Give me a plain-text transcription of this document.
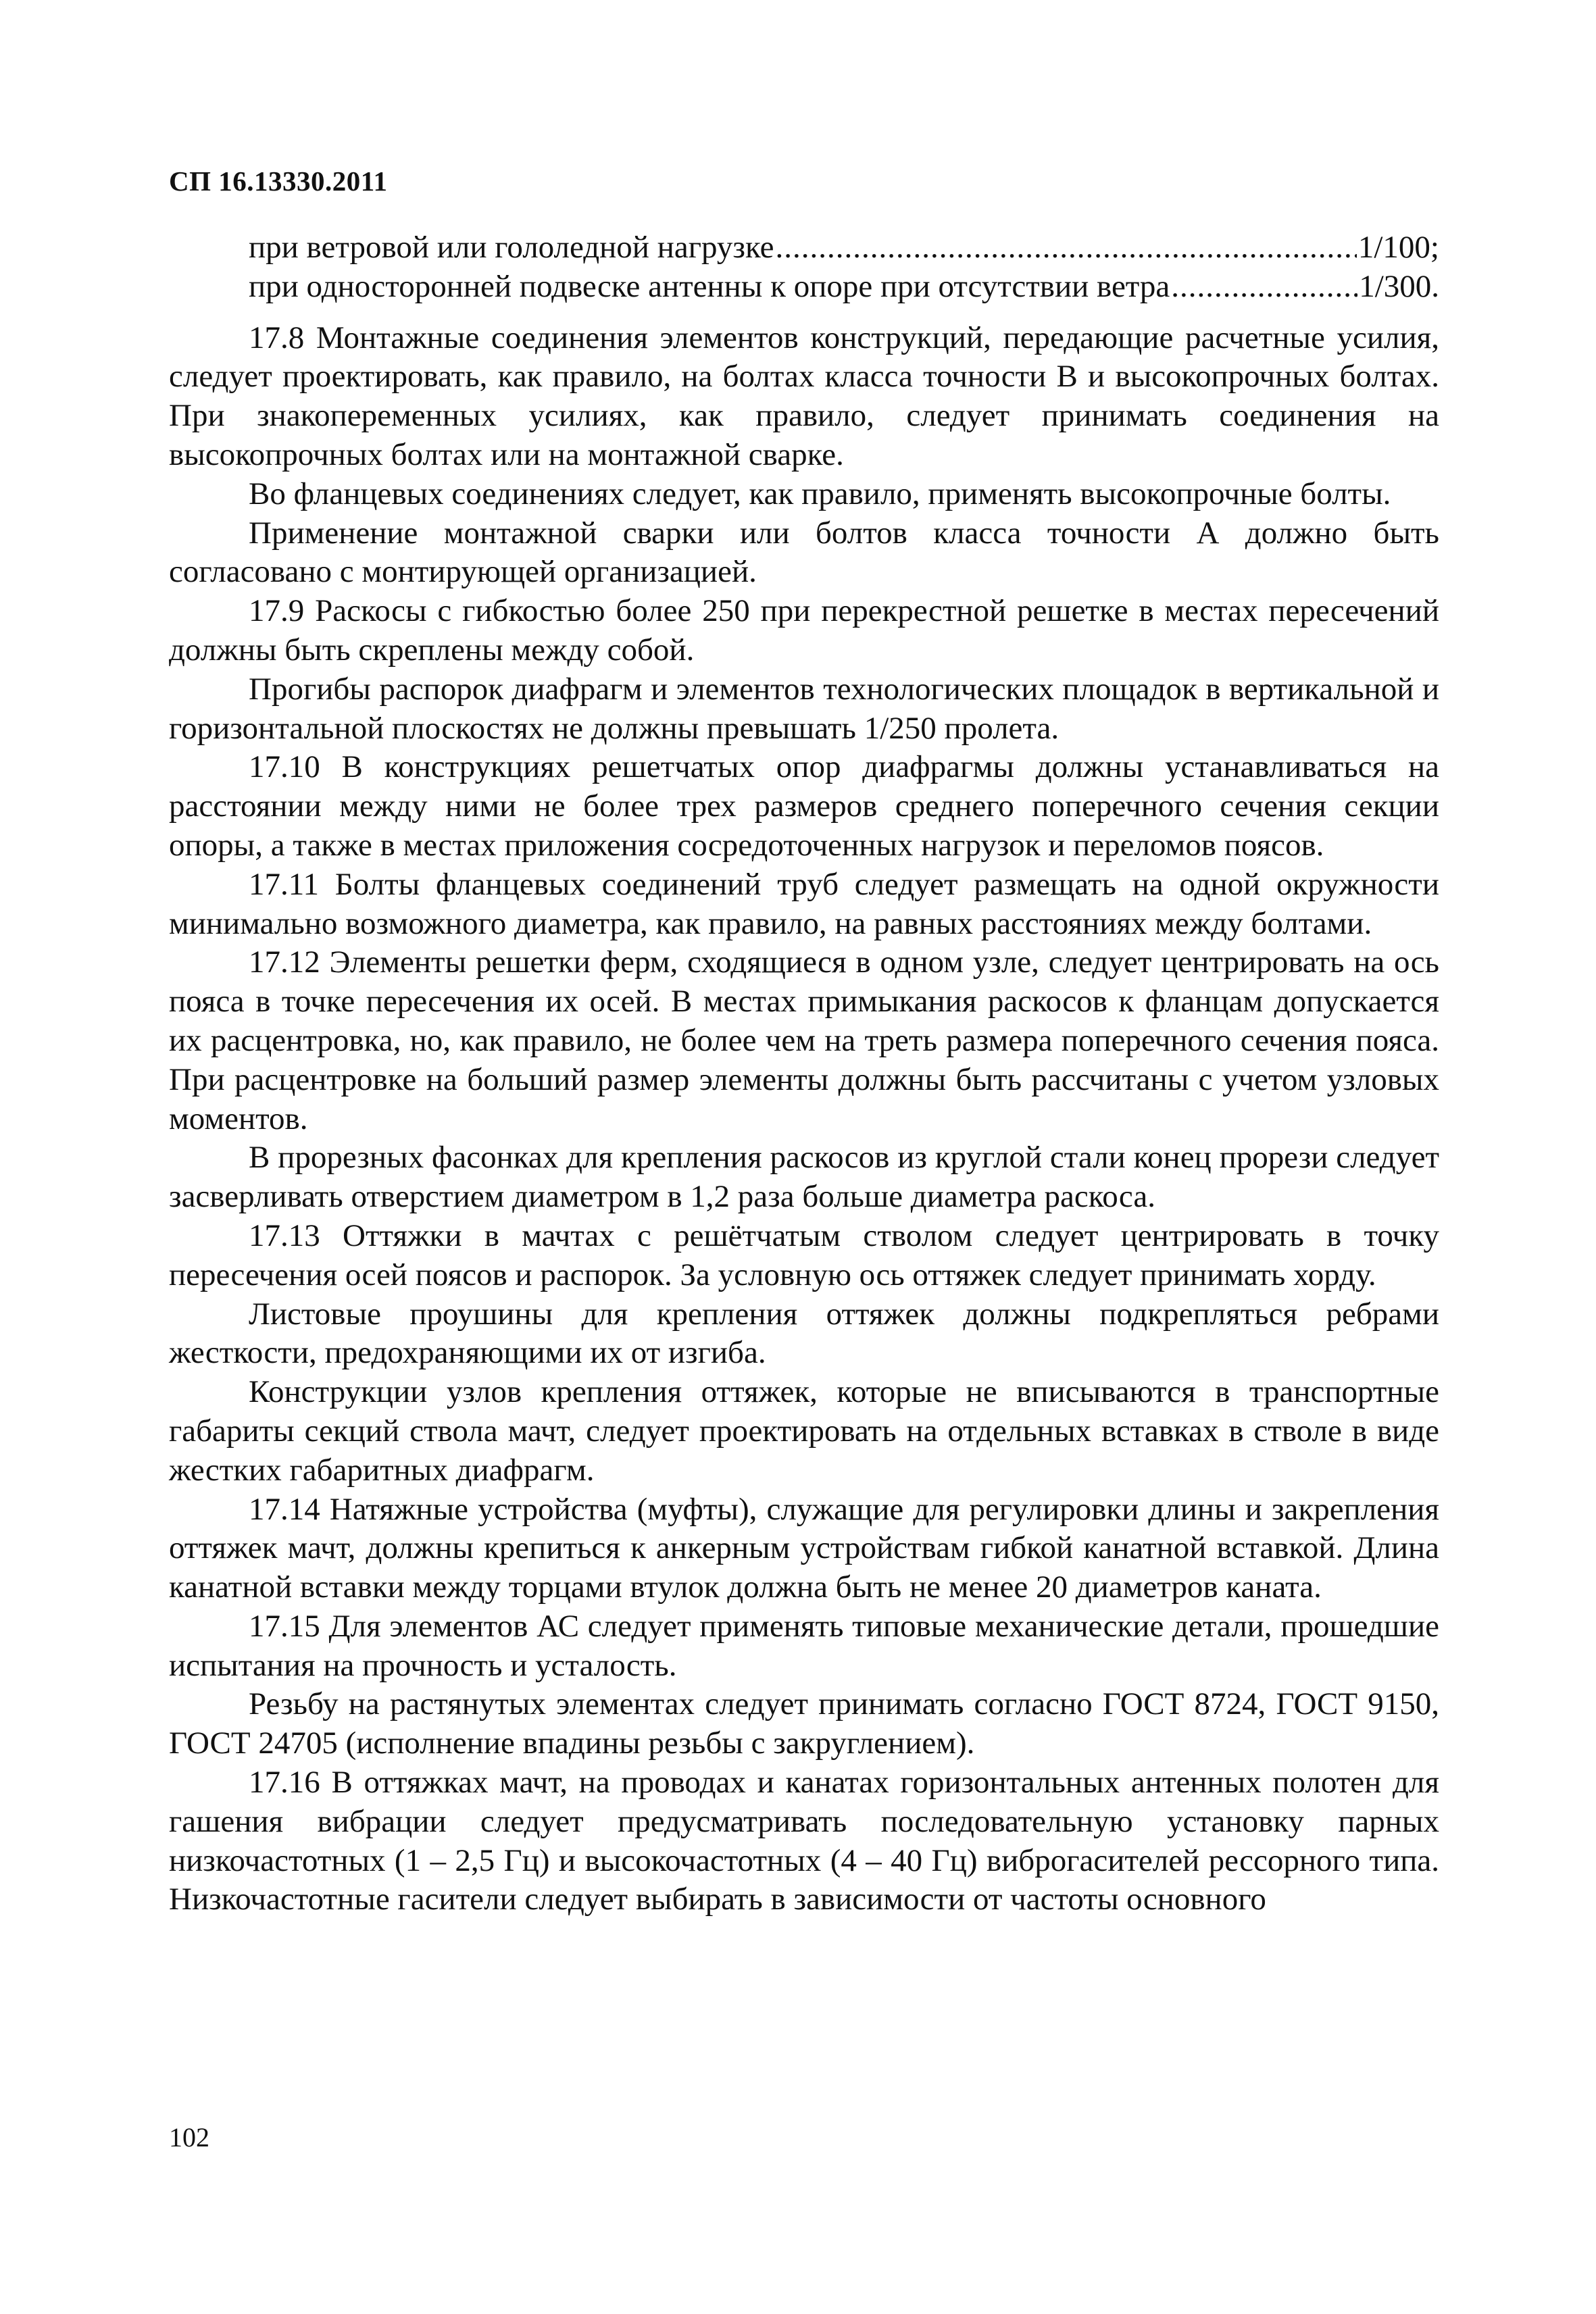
СП 16.13330.2011
при ветровой или гололедной нагрузке .....	1/100;
при односторонней подвеске антенны к опоре при отсутствии ветра .....	1/300.

17.8 Монтажные соединения элементов конструкций, передающие расчетные усилия, следует проектировать, как правило, на болтах класса точности В и высокопрочных болтах. При знакопеременных усилиях, как правило, следует принимать соединения на высокопрочных болтах или на монтажной сварке.

Во фланцевых соединениях следует, как правило, применять высокопрочные болты.

Применение монтажной сварки или болтов класса точности А должно быть согласовано с монтирующей организацией.

17.9 Раскосы с гибкостью более 250 при перекрестной решетке в местах пересечений должны быть скреплены между собой.

Прогибы распорок диафрагм и элементов технологических площадок в вертикальной и горизонтальной плоскостях не должны превышать 1/250 пролета.

17.10 В конструкциях решетчатых опор диафрагмы должны устанавливаться на расстоянии между ними не более трех размеров среднего поперечного сечения секции опоры, а также в местах приложения сосредоточенных нагрузок и переломов поясов.

17.11 Болты фланцевых соединений труб следует размещать на одной окружности минимально возможного диаметра, как правило, на равных расстояниях между болтами.

17.12 Элементы решетки ферм, сходящиеся в одном узле, следует центрировать на ось пояса в точке пересечения их осей. В местах примыкания раскосов к фланцам допускается их расцентровка, но, как правило, не более чем на треть размера поперечного сечения пояса. При расцентровке на больший размер элементы должны быть рассчитаны с учетом узловых моментов.

В прорезных фасонках для крепления раскосов из круглой стали конец прорези следует засверливать отверстием диаметром в 1,2 раза больше диаметра раскоса.

17.13 Оттяжки в мачтах с решётчатым стволом следует центрировать в точку пересечения осей поясов и распорок. За условную ось оттяжек следует принимать хорду.

Листовые проушины для крепления оттяжек должны подкрепляться ребрами жесткости, предохраняющими их от изгиба.

Конструкции узлов крепления оттяжек, которые не вписываются в транспортные габариты секций ствола мачт, следует проектировать на отдельных вставках в стволе в виде жестких габаритных диафрагм.

17.14 Натяжные устройства (муфты), служащие для регулировки длины и закрепления оттяжек мачт, должны крепиться к анкерным устройствам гибкой канатной вставкой. Длина канатной вставки между торцами втулок должна быть не менее 20 диаметров каната.

17.15 Для элементов АС следует применять типовые механические детали, прошедшие испытания на прочность и усталость.

Резьбу на растянутых элементах следует принимать согласно ГОСТ 8724, ГОСТ 9150, ГОСТ 24705 (исполнение впадины резьбы с закруглением).

17.16 В оттяжках мачт, на проводах и канатах горизонтальных антенных полотен для гашения вибрации следует предусматривать последовательную установку парных низкочастотных (1 – 2,5 Гц) и высокочастотных (4 – 40 Гц) виброгасителей рессорного типа. Низкочастотные гасители следует выбирать в зависимости от частоты основного

102
